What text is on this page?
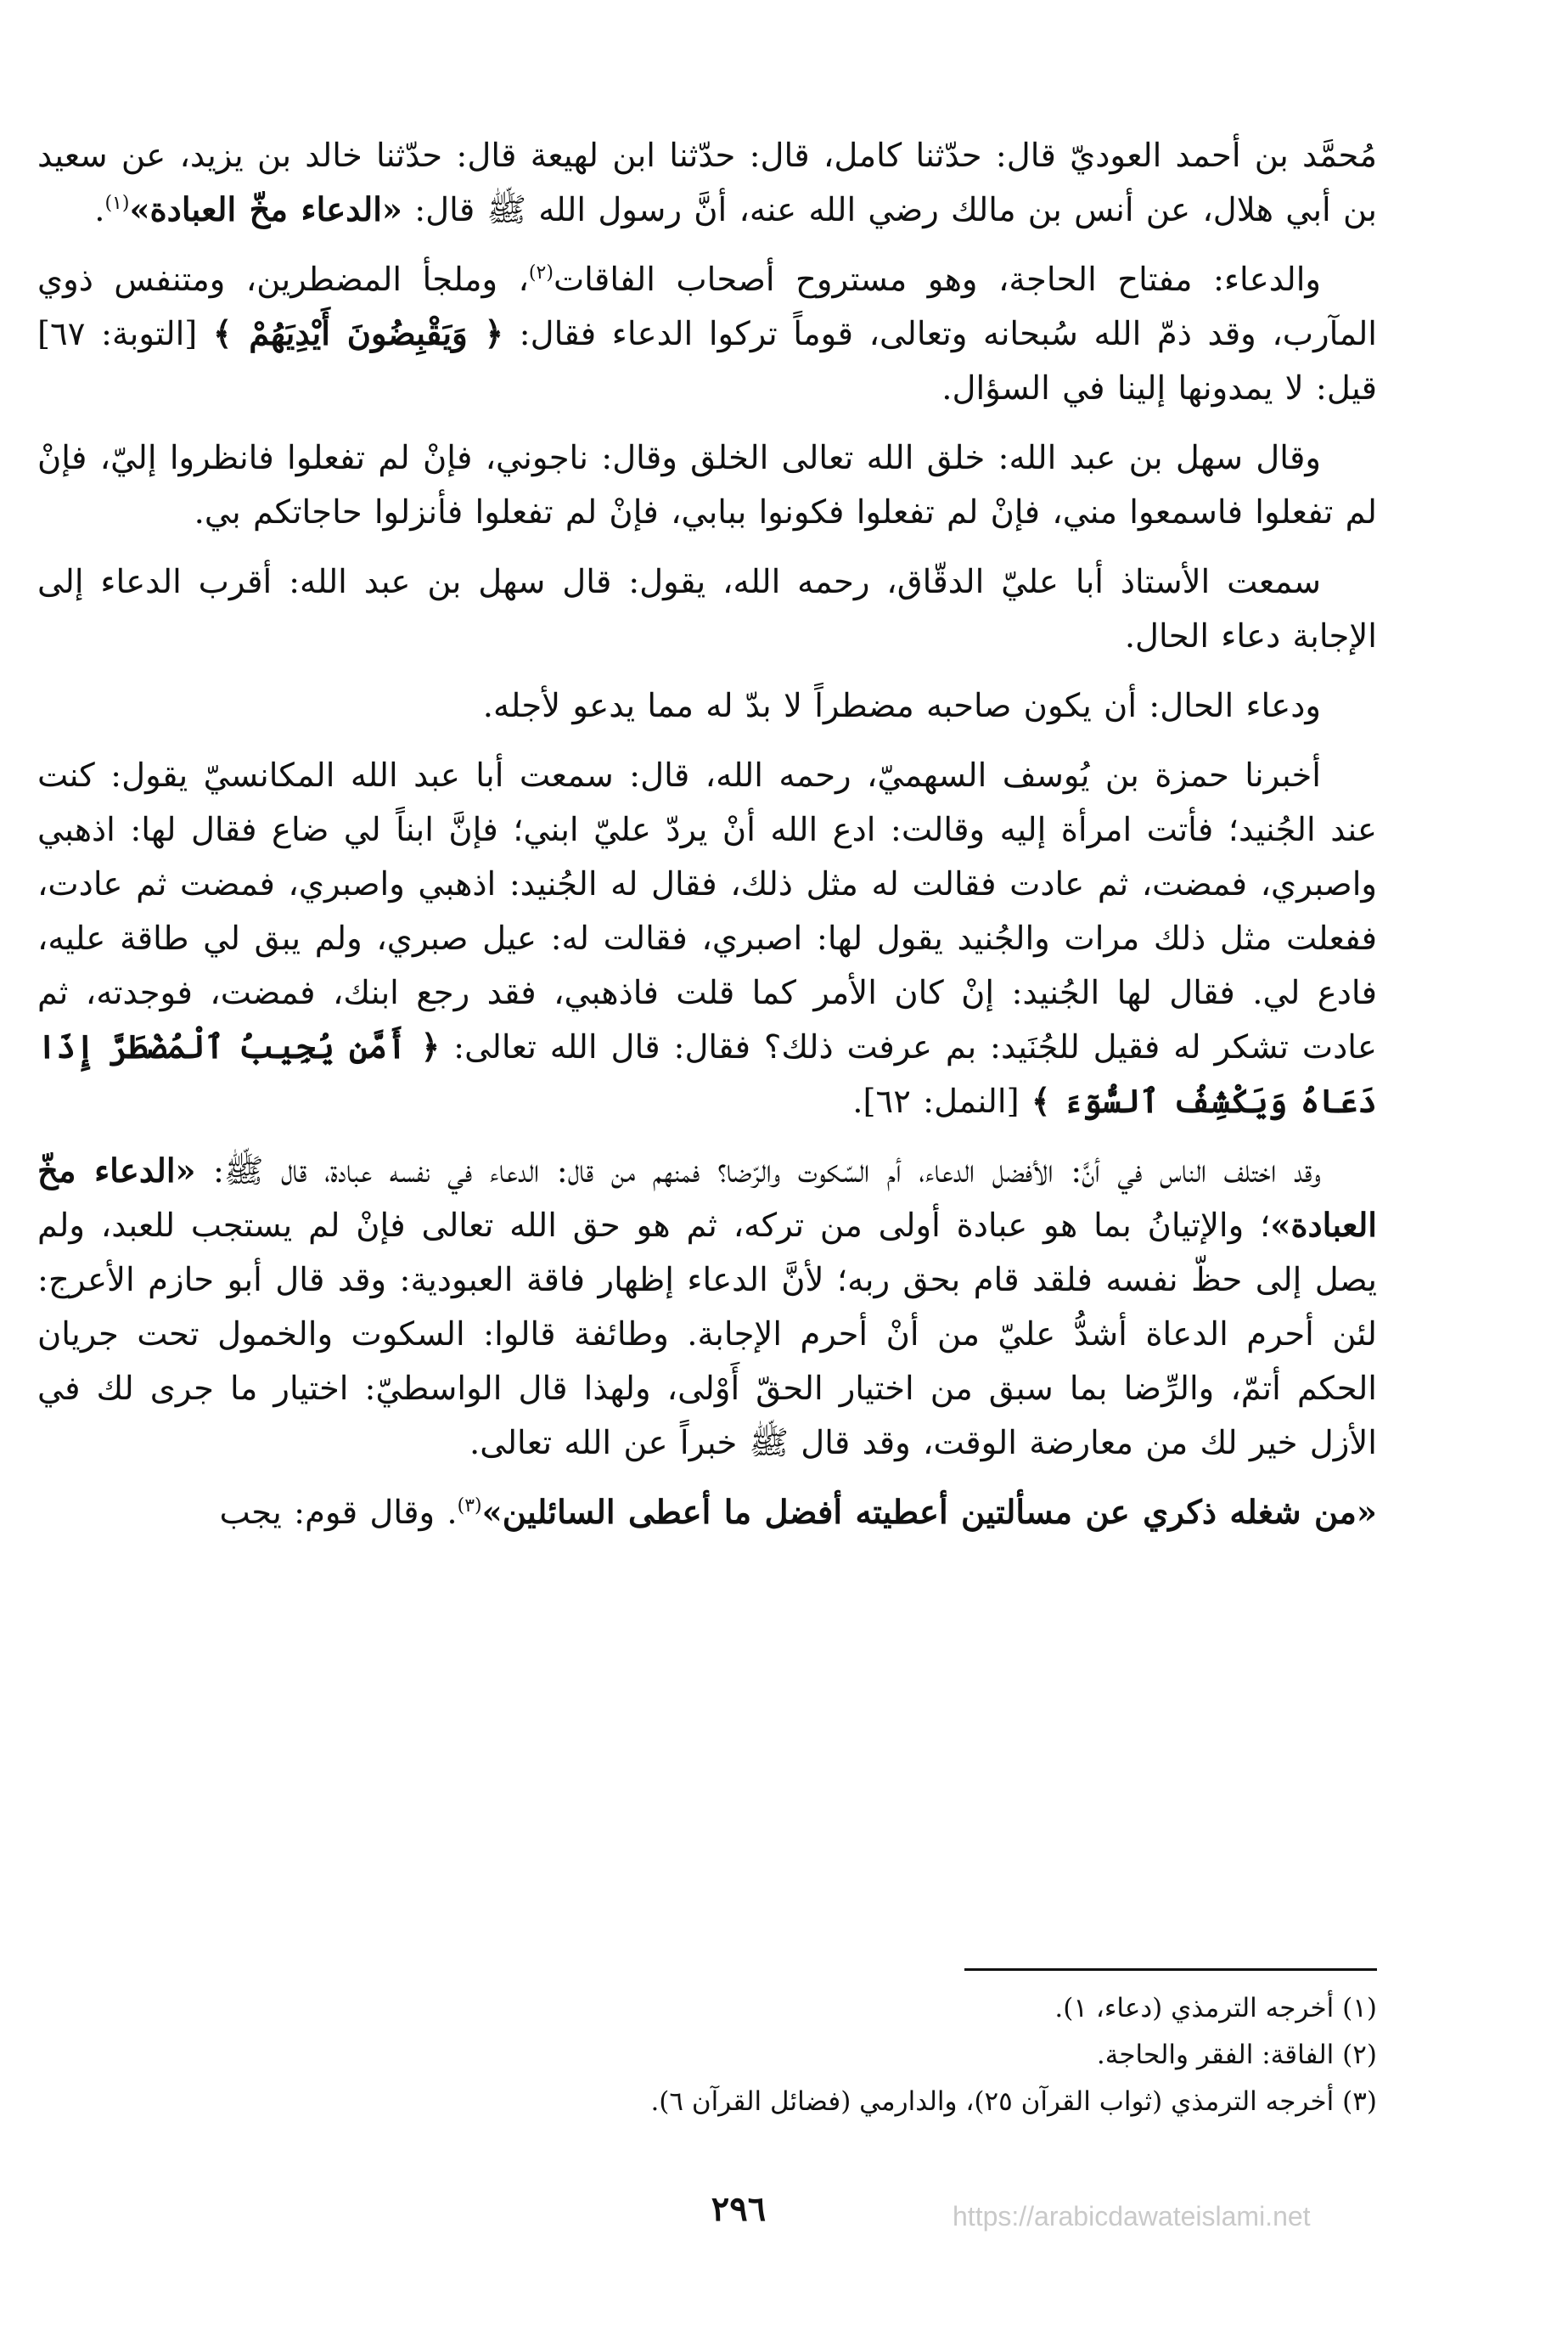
مُحمَّد بن أحمد العوديّ قال: حدّثنا كامل، قال: حدّثنا ابن لهيعة قال: حدّثنا خالد بن يزيد، عن سعيد بن أبي هلال، عن أنس بن مالك رضي الله عنه، أنَّ رسول الله ﷺ قال: «الدعاء مخّ العبادة»$^{(١)}$.

والدعاء: مفتاح الحاجة، وهو مستروح أصحاب الفاقات$^{(٢)}$، وملجأ المضطرين، ومتنفس ذوي المآرب، وقد ذمّ الله سُبحانه وتعالى، قوماً تركوا الدعاء فقال: ﴿ وَيَقْبِضُونَ أَيْدِيَهُمْ ﴾ [التوبة: ٦٧] قيل: لا يمدونها إلينا في السؤال.

وقال سهل بن عبد الله: خلق الله تعالى الخلق وقال: ناجوني، فإنْ لم تفعلوا فانظروا إليّ، فإنْ لم تفعلوا فاسمعوا مني، فإنْ لم تفعلوا فكونوا ببابي، فإنْ لم تفعلوا فأنزلوا حاجاتكم بي.

سمعت الأستاذ أبا عليّ الدقّاق، رحمه الله، يقول: قال سهل بن عبد الله: أقرب الدعاء إلى الإجابة دعاء الحال.

ودعاء الحال: أن يكون صاحبه مضطراً لا بدّ له مما يدعو لأجله.

أخبرنا حمزة بن يُوسف السهميّ، رحمه الله، قال: سمعت أبا عبد الله المكانسيّ يقول: كنت عند الجُنيد؛ فأتت امرأة إليه وقالت: ادع الله أنْ يردّ عليّ ابني؛ فإنَّ ابناً لي ضاع فقال لها: اذهبي واصبري، فمضت، ثم عادت فقالت له مثل ذلك، فقال له الجُنيد: اذهبي واصبري، فمضت ثم عادت، ففعلت مثل ذلك مرات والجُنيد يقول لها: اصبري، فقالت له: عيل صبري، ولم يبق لي طاقة عليه، فادع لي. فقال لها الجُنيد: إنْ كان الأمر كما قلت فاذهبي، فقد رجع ابنك، فمضت، فوجدته، ثم عادت تشكر له فقيل للجُنَيد: بم عرفت ذلك؟ فقال: قال الله تعالى: ﴿ أَمَّن يُجِيبُ ٱلْمُضْطَرَّ إِذَا دَعَاهُ وَيَكْشِفُ ٱلسُّوٓءَ ﴾ [النمل: ٦٢].

وقد اختلف الناس في أنَّ: الأفضل الدعاء، أم السّكوت والرّضا؟ فمنهم من قال: الدعاء في نفسه عبادة، قال ﷺ: «الدعاء مخّ العبادة»؛ والإتيانُ بما هو عبادة أولى من تركه، ثم هو حق الله تعالى فإنْ لم يستجب للعبد، ولم يصل إلى حظّ نفسه فلقد قام بحق ربه؛ لأنَّ الدعاء إظهار فاقة العبودية: وقد قال أبو حازم الأعرج: لئن أحرم الدعاة أشدُّ عليّ من أنْ أحرم الإجابة. وطائفة قالوا: السكوت والخمول تحت جريان الحكم أتمّ، والرِّضا بما سبق من اختيار الحقّ أَوْلى، ولهذا قال الواسطيّ: اختيار ما جرى لك في الأزل خير لك من معارضة الوقت، وقد قال ﷺ خبراً عن الله تعالى.

«من شغله ذكري عن مسألتين أعطيته أفضل ما أعطى السائلين»$^{(٣)}$. وقال قوم: يجب

(١) أخرجه الترمذي (دعاء، ١).

(٢) الفاقة: الفقر والحاجة.

(٣) أخرجه الترمذي (ثواب القرآن ٢٥)، والدارمي (فضائل القرآن ٦).

٢٩٦	https://arabicdawateislami.net
